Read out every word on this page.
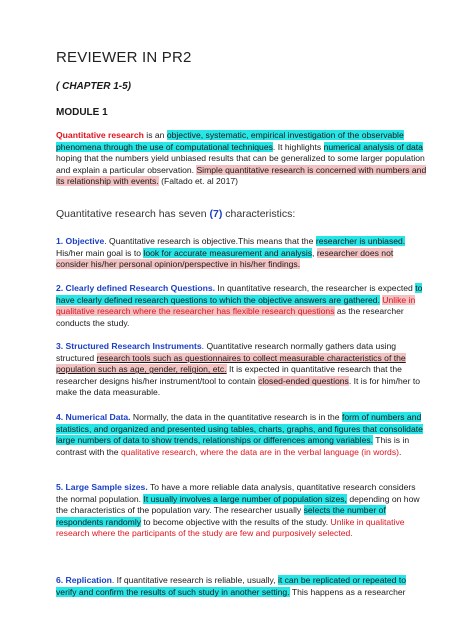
REVIEWER IN PR2
( CHAPTER 1-5)
MODULE 1
Quantitative research is an objective, systematic, empirical investigation of the observable phenomena through the use of computational techniques. It highlights numerical analysis of data hoping that the numbers yield unbiased results that can be generalized to some larger population and explain a particular observation. Simple quantitative research is concerned with numbers and its relationship with events. (Faltado et. al 2017)
Quantitative research has seven (7) characteristics:
1. Objective. Quantitative research is objective.This means that the researcher is unbiased. His/her main goal is to look for accurate measurement and analysis, researcher does not consider his/her personal opinion/perspective in his/her findings.
2. Clearly defined Research Questions. In quantitative research, the researcher is expected to have clearly defined research questions to which the objective answers are gathered. Unlike in qualitative research where the researcher has flexible research questions as the researcher conducts the study.
3. Structured Research Instruments. Quantitative research normally gathers data using structured research tools such as questionnaires to collect measurable characteristics of the population such as age, gender, religion, etc. It is expected in quantitative research that the researcher designs his/her instrument/tool to contain closed-ended questions. It is for him/her to make the data measurable.
4. Numerical Data. Normally, the data in the quantitative research is in the form of numbers and statistics, and organized and presented using tables, charts, graphs, and figures that consolidate large numbers of data to show trends, relationships or differences among variables. This is in contrast with the qualitative research, where the data are in the verbal language (in words).
5. Large Sample sizes. To have a more reliable data analysis, quantitative research considers the normal population. It usually involves a large number of population sizes, depending on how the characteristics of the population vary. The researcher usually selects the number of respondents randomly to become objective with the results of the study. Unlike in qualitative research where the participants of the study are few and purposively selected.
6. Replication. If quantitative research is reliable, usually, it can be replicated or repeated to verify and confirm the results of such study in another setting. This happens as a researcher
